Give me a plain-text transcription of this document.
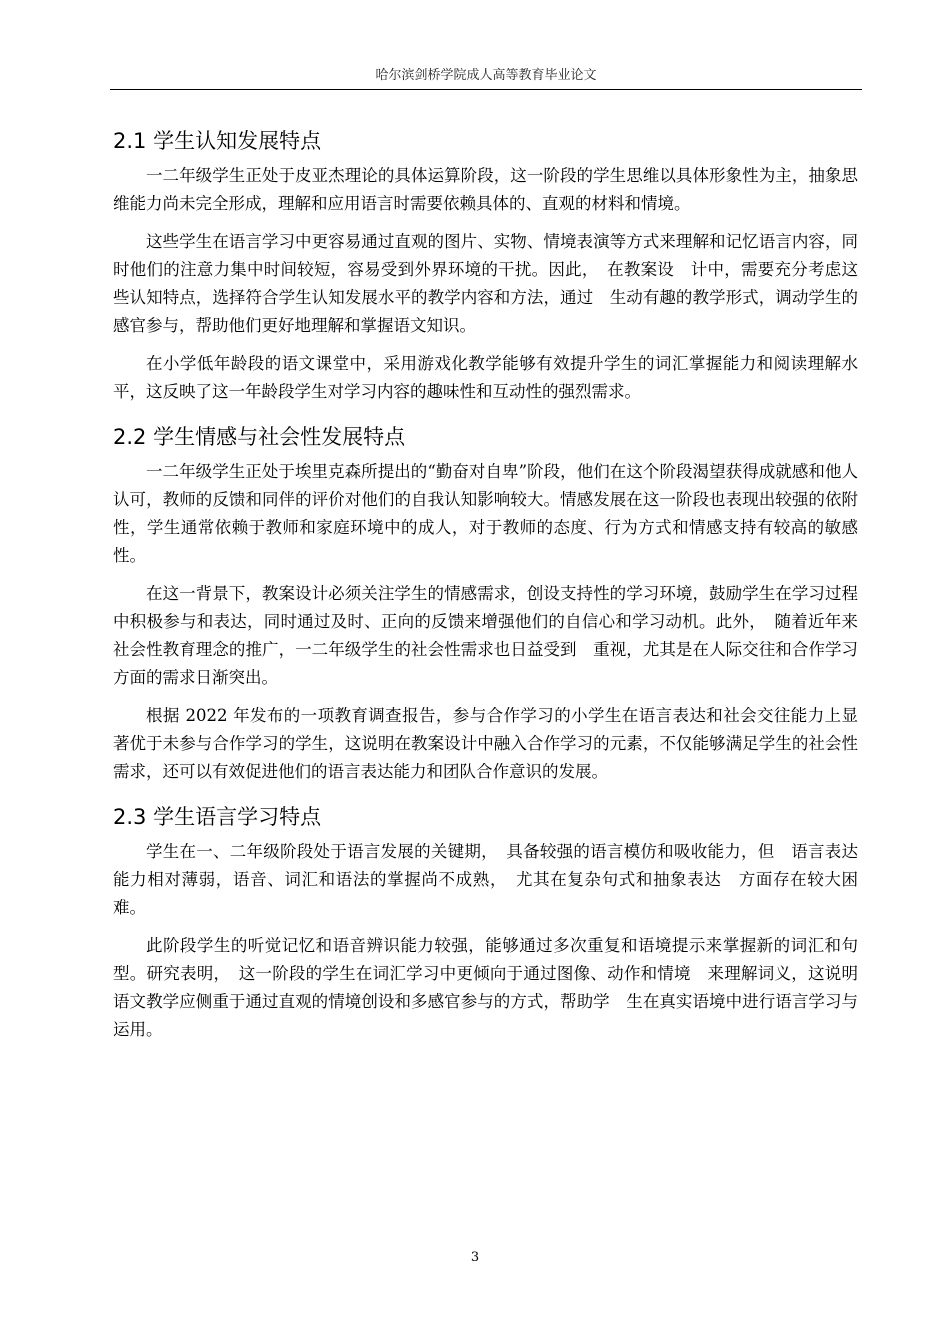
哈尔滨剑桥学院成人高等教育毕业论文
2.1 学生认知发展特点

一二年级学生正处于皮亚杰理论的具体运算阶段，这一阶段的学生思维以具体形象性为主，抽象思维能力尚未完全形成，理解和应用语言时需要依赖具体的、直观的材料和情境。

这些学生在语言学习中更容易通过直观的图片、实物、情境表演等方式来理解和记忆语言内容，同时他们的注意力集中时间较短，容易受到外界环境的干扰。因此，　在教案设　计中，需要充分考虑这些认知特点，选择符合学生认知发展水平的教学内容和方法，通过　生动有趣的教学形式，调动学生的感官参与，帮助他们更好地理解和掌握语文知识。

在小学低年龄段的语文课堂中，采用游戏化教学能够有效提升学生的词汇掌握能力和阅读理解水平，这反映了这一年龄段学生对学习内容的趣味性和互动性的强烈需求。

2.2 学生情感与社会性发展特点

一二年级学生正处于埃里克森所提出的“勤奋对自卑”阶段，他们在这个阶段渴望获得成就感和他人认可，教师的反馈和同伴的评价对他们的自我认知影响较大。情感发展在这一阶段也表现出较强的依附性，学生通常依赖于教师和家庭环境中的成人，对于教师的态度、行为方式和情感支持有较高的敏感性。

在这一背景下，教案设计必须关注学生的情感需求，创设支持性的学习环境，鼓励学生在学习过程中积极参与和表达，同时通过及时、正向的反馈来增强他们的自信心和学习动机。此外，　随着近年来社会性教育理念的推广，一二年级学生的社会性需求也日益受到　重视，尤其是在人际交往和合作学习方面的需求日渐突出。

根据 2022 年发布的一项教育调查报告，参与合作学习的小学生在语言表达和社会交往能力上显著优于未参与合作学习的学生，这说明在教案设计中融入合作学习的元素，不仅能够满足学生的社会性需求，还可以有效促进他们的语言表达能力和团队合作意识的发展。

2.3 学生语言学习特点

学生在一、二年级阶段处于语言发展的关键期，　具备较强的语言模仿和吸收能力，但　语言表达能力相对薄弱，语音、词汇和语法的掌握尚不成熟，　尤其在复杂句式和抽象表达　方面存在较大困难。

此阶段学生的听觉记忆和语音辨识能力较强，能够通过多次重复和语境提示来掌握新的词汇和句型。研究表明，　这一阶段的学生在词汇学习中更倾向于通过图像、动作和情境　来理解词义，这说明语文教学应侧重于通过直观的情境创设和多感官参与的方式，帮助学　生在真实语境中进行语言学习与运用。

3
